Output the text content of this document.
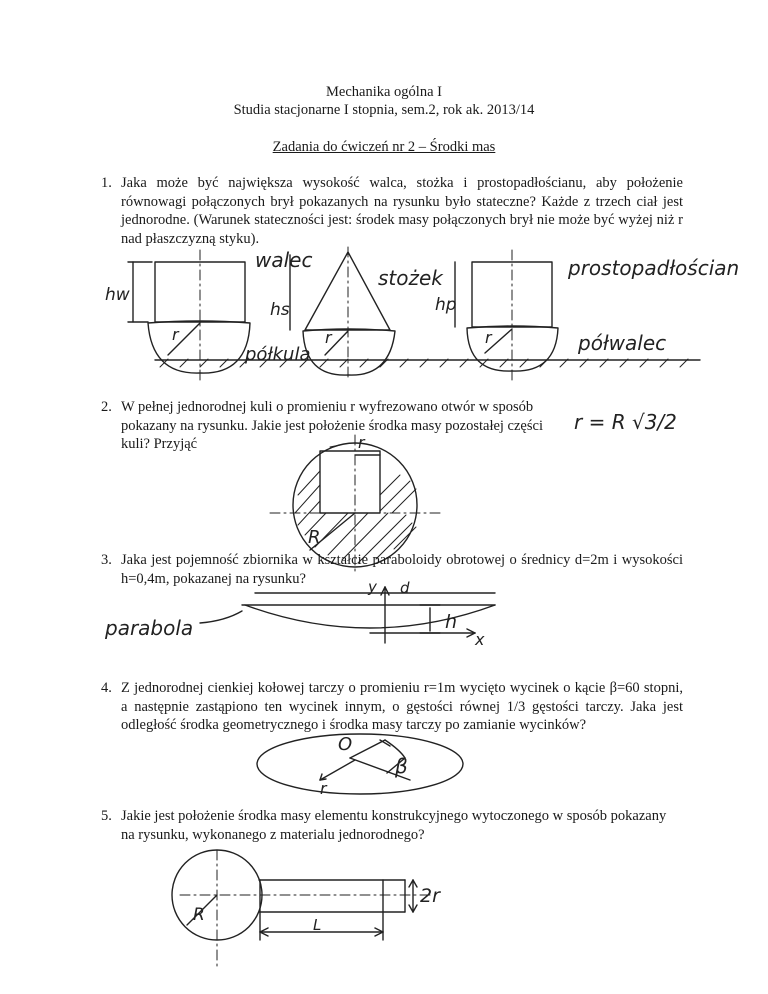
Mechanika ogólna I
Studia stacjonarne I stopnia, sem.2, rok ak. 2013/14
Zadania do ćwiczeń nr 2 – Środki mas
1. Jaka może być największa wysokość walca, stożka i prostopadłościanu, aby położenie równowagi połączonych brył pokazanych na rysunku było stateczne? Każde z trzech ciał jest jednorodne. (Warunek stateczności jest: środek masy połączonych brył nie może być wyżej niż r nad płaszczyzną styku).
hw
r
walec
półkula
hs
r
stożek
hp
r
prostopadłościan
półwalec
2. W pełnej jednorodnej kuli o promieniu r wyfrezowano otwór w sposób pokazany na rysunku. Jakie jest położenie środka masy pozostałej części kuli? Przyjąć
r = R √3/2
r
R
3. Jaka jest pojemność zbiornika w kształcie paraboloidy obrotowej o średnicy d=2m i wysokości h=0,4m, pokazanej na rysunku?	y d
h
x
parabola
4. Z jednorodnej cienkiej kołowej tarczy o promieniu r=1m wycięto wycinek o kącie β=60 stopni, a następnie zastąpiono ten wycinek innym, o gęstości równej 1/3 gęstości tarczy. Jaka jest odległość środka geometrycznego i środka masy tarczy po zamianie wycinków?
O
r
β
5. Jakie jest położenie środka masy elementu konstrukcyjnego wytoczonego w sposób pokazany na rysunku, wykonanego z materialu jednorodnego?
R
2r
L
